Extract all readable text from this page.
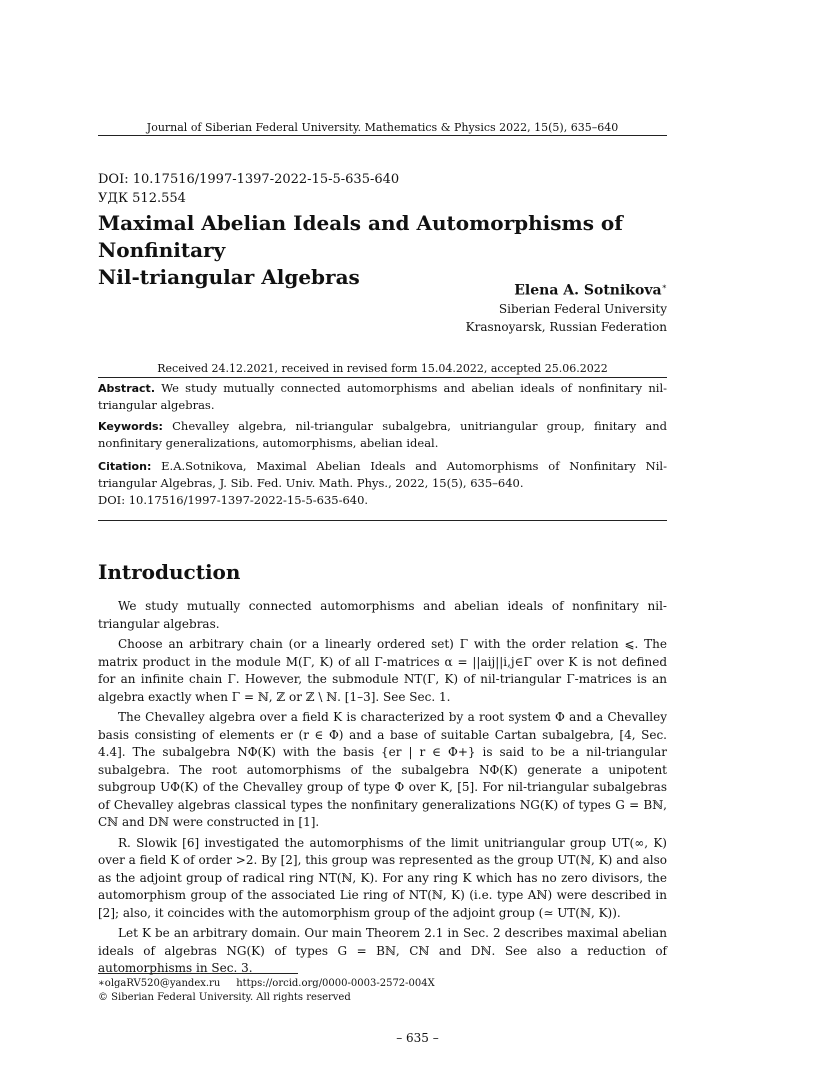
Journal of Siberian Federal University. Mathematics & Physics 2022, 15(5), 635–640
DOI: 10.17516/1997-1397-2022-15-5-635-640
УДК 512.554
Maximal Abelian Ideals and Automorphisms of Nonfinitary
Nil-triangular Algebras
Elena A. Sotnikova∗
Siberian Federal University
Krasnoyarsk, Russian Federation
Received 24.12.2021, received in revised form 15.04.2022, accepted 25.06.2022
Abstract. We study mutually connected automorphisms and abelian ideals of nonfinitary nil-triangular algebras.
Keywords: Chevalley algebra, nil-triangular subalgebra, unitriangular group, finitary and nonfinitary generalizations, automorphisms, abelian ideal.
Citation: E.A.Sotnikova, Maximal Abelian Ideals and Automorphisms of Nonfinitary Nil-triangular Algebras, J. Sib. Fed. Univ. Math. Phys., 2022, 15(5), 635–640.
DOI: 10.17516/1997-1397-2022-15-5-635-640.
Introduction

We study mutually connected automorphisms and abelian ideals of nonfinitary nil-triangular algebras.

Choose an arbitrary chain (or a linearly ordered set) Γ with the order relation ⩽. The matrix product in the module M(Γ, K) of all Γ-matrices α = ||aij||i,j∈Γ over K is not defined for an infinite chain Γ. However, the submodule NT(Γ, K) of nil-triangular Γ-matrices is an algebra exactly when Γ = ℕ, ℤ or ℤ \ ℕ. [1–3]. See Sec. 1.

The Chevalley algebra over a field K is characterized by a root system Φ and a Chevalley basis consisting of elements er (r ∈ Φ) and a base of suitable Cartan subalgebra, [4, Sec. 4.4]. The subalgebra NΦ(K) with the basis {er | r ∈ Φ+} is said to be a nil-triangular subalgebra. The root automorphisms of the subalgebra NΦ(K) generate a unipotent subgroup UΦ(K) of the Chevalley group of type Φ over K, [5]. For nil-triangular subalgebras of Chevalley algebras classical types the nonfinitary generalizations NG(K) of types G = Bℕ, Cℕ and Dℕ were constructed in [1].

R. Slowik [6] investigated the automorphisms of the limit unitriangular group UT(∞, K) over a field K of order >2. By [2], this group was represented as the group UT(ℕ, K) and also as the adjoint group of radical ring NT(ℕ, K). For any ring K which has no zero divisors, the automorphism group of the associated Lie ring of NT(ℕ, K) (i.e. type Aℕ) were described in [2]; also, it coincides with the automorphism group of the adjoint group (≃ UT(ℕ, K)).

Let K be an arbitrary domain. Our main Theorem 2.1 in Sec. 2 describes maximal abelian ideals of algebras NG(K) of types G = Bℕ, Cℕ and Dℕ. See also a reduction of automorphisms in Sec. 3.

∗olgaRV520@yandex.ru https://orcid.org/0000-0003-2572-004X
© Siberian Federal University. All rights reserved
– 635 –
